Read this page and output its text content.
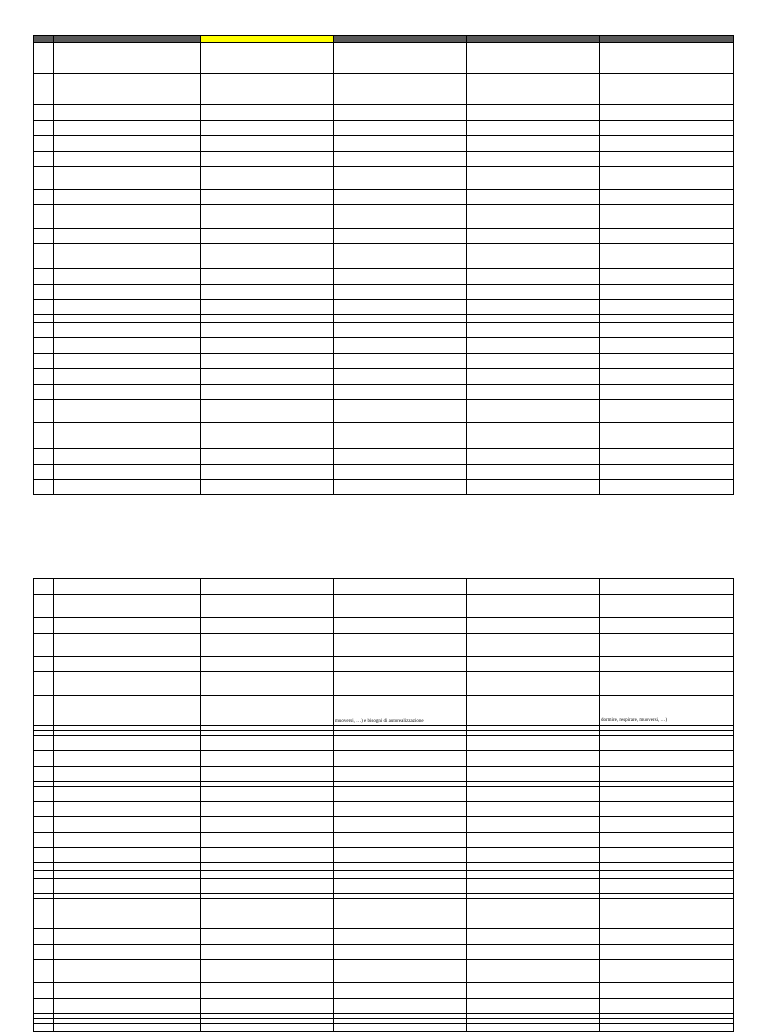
			muoversi, …) e bisogni di autorealizzazione		dormire, respirare, muoversi, …)
